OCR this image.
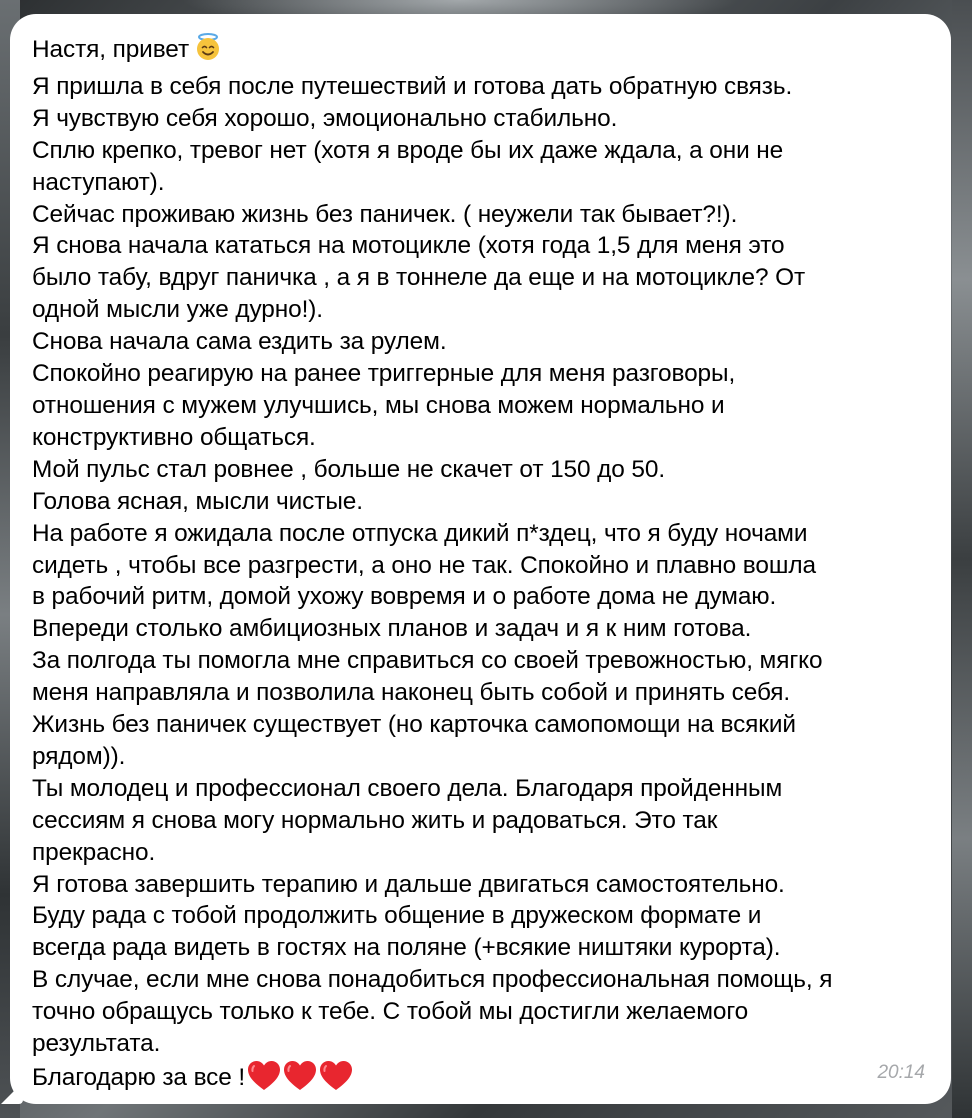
Настя, привет
Я пришла в себя после путешествий и готова дать обратную связь.
Я чувствую себя хорошо, эмоционально стабильно.
Сплю крепко, тревог нет (хотя я вроде бы их даже ждала, а они не
наступают).
Сейчас проживаю жизнь без паничек. ( неужели так бывает?!).
Я снова начала кататься на мотоцикле (хотя года 1,5 для меня это
было табу, вдруг паничка , а я в тоннеле да еще и на мотоцикле? От
одной мысли уже дурно!).
Снова начала сама ездить за рулем.
Спокойно реагирую на ранее триггерные для меня разговоры,
отношения с мужем улучшись, мы снова можем нормально и
конструктивно общаться.
Мой пульс стал ровнее , больше не скачет от 150 до 50.
Голова ясная, мысли чистые.
На работе я ожидала после отпуска дикий п*здец, что я буду ночами
сидеть , чтобы все разгрести, а оно не так. Спокойно и плавно вошла
в рабочий ритм, домой ухожу вовремя и о работе дома не думаю.
Впереди столько амбициозных планов и задач и я к ним готова.
За полгода ты помогла мне справиться со своей тревожностью, мягко
меня направляла и позволила наконец быть собой и принять себя.
Жизнь без паничек существует (но карточка самопомощи на всякий
рядом)).
Ты молодец и профессионал своего дела. Благодаря пройденным
сессиям я снова могу нормально жить и радоваться. Это так
прекрасно.
Я готова завершить терапию и дальше двигаться самостоятельно.
Буду рада с тобой продолжить общение в дружеском формате и
всегда рада видеть в гостях на поляне (+всякие ништяки курорта).
В случае, если мне снова понадобиться профессиональная помощь, я
точно обращусь только к тебе. С тобой мы достигли желаемого
результата.
Благодарю за все !	20:14
